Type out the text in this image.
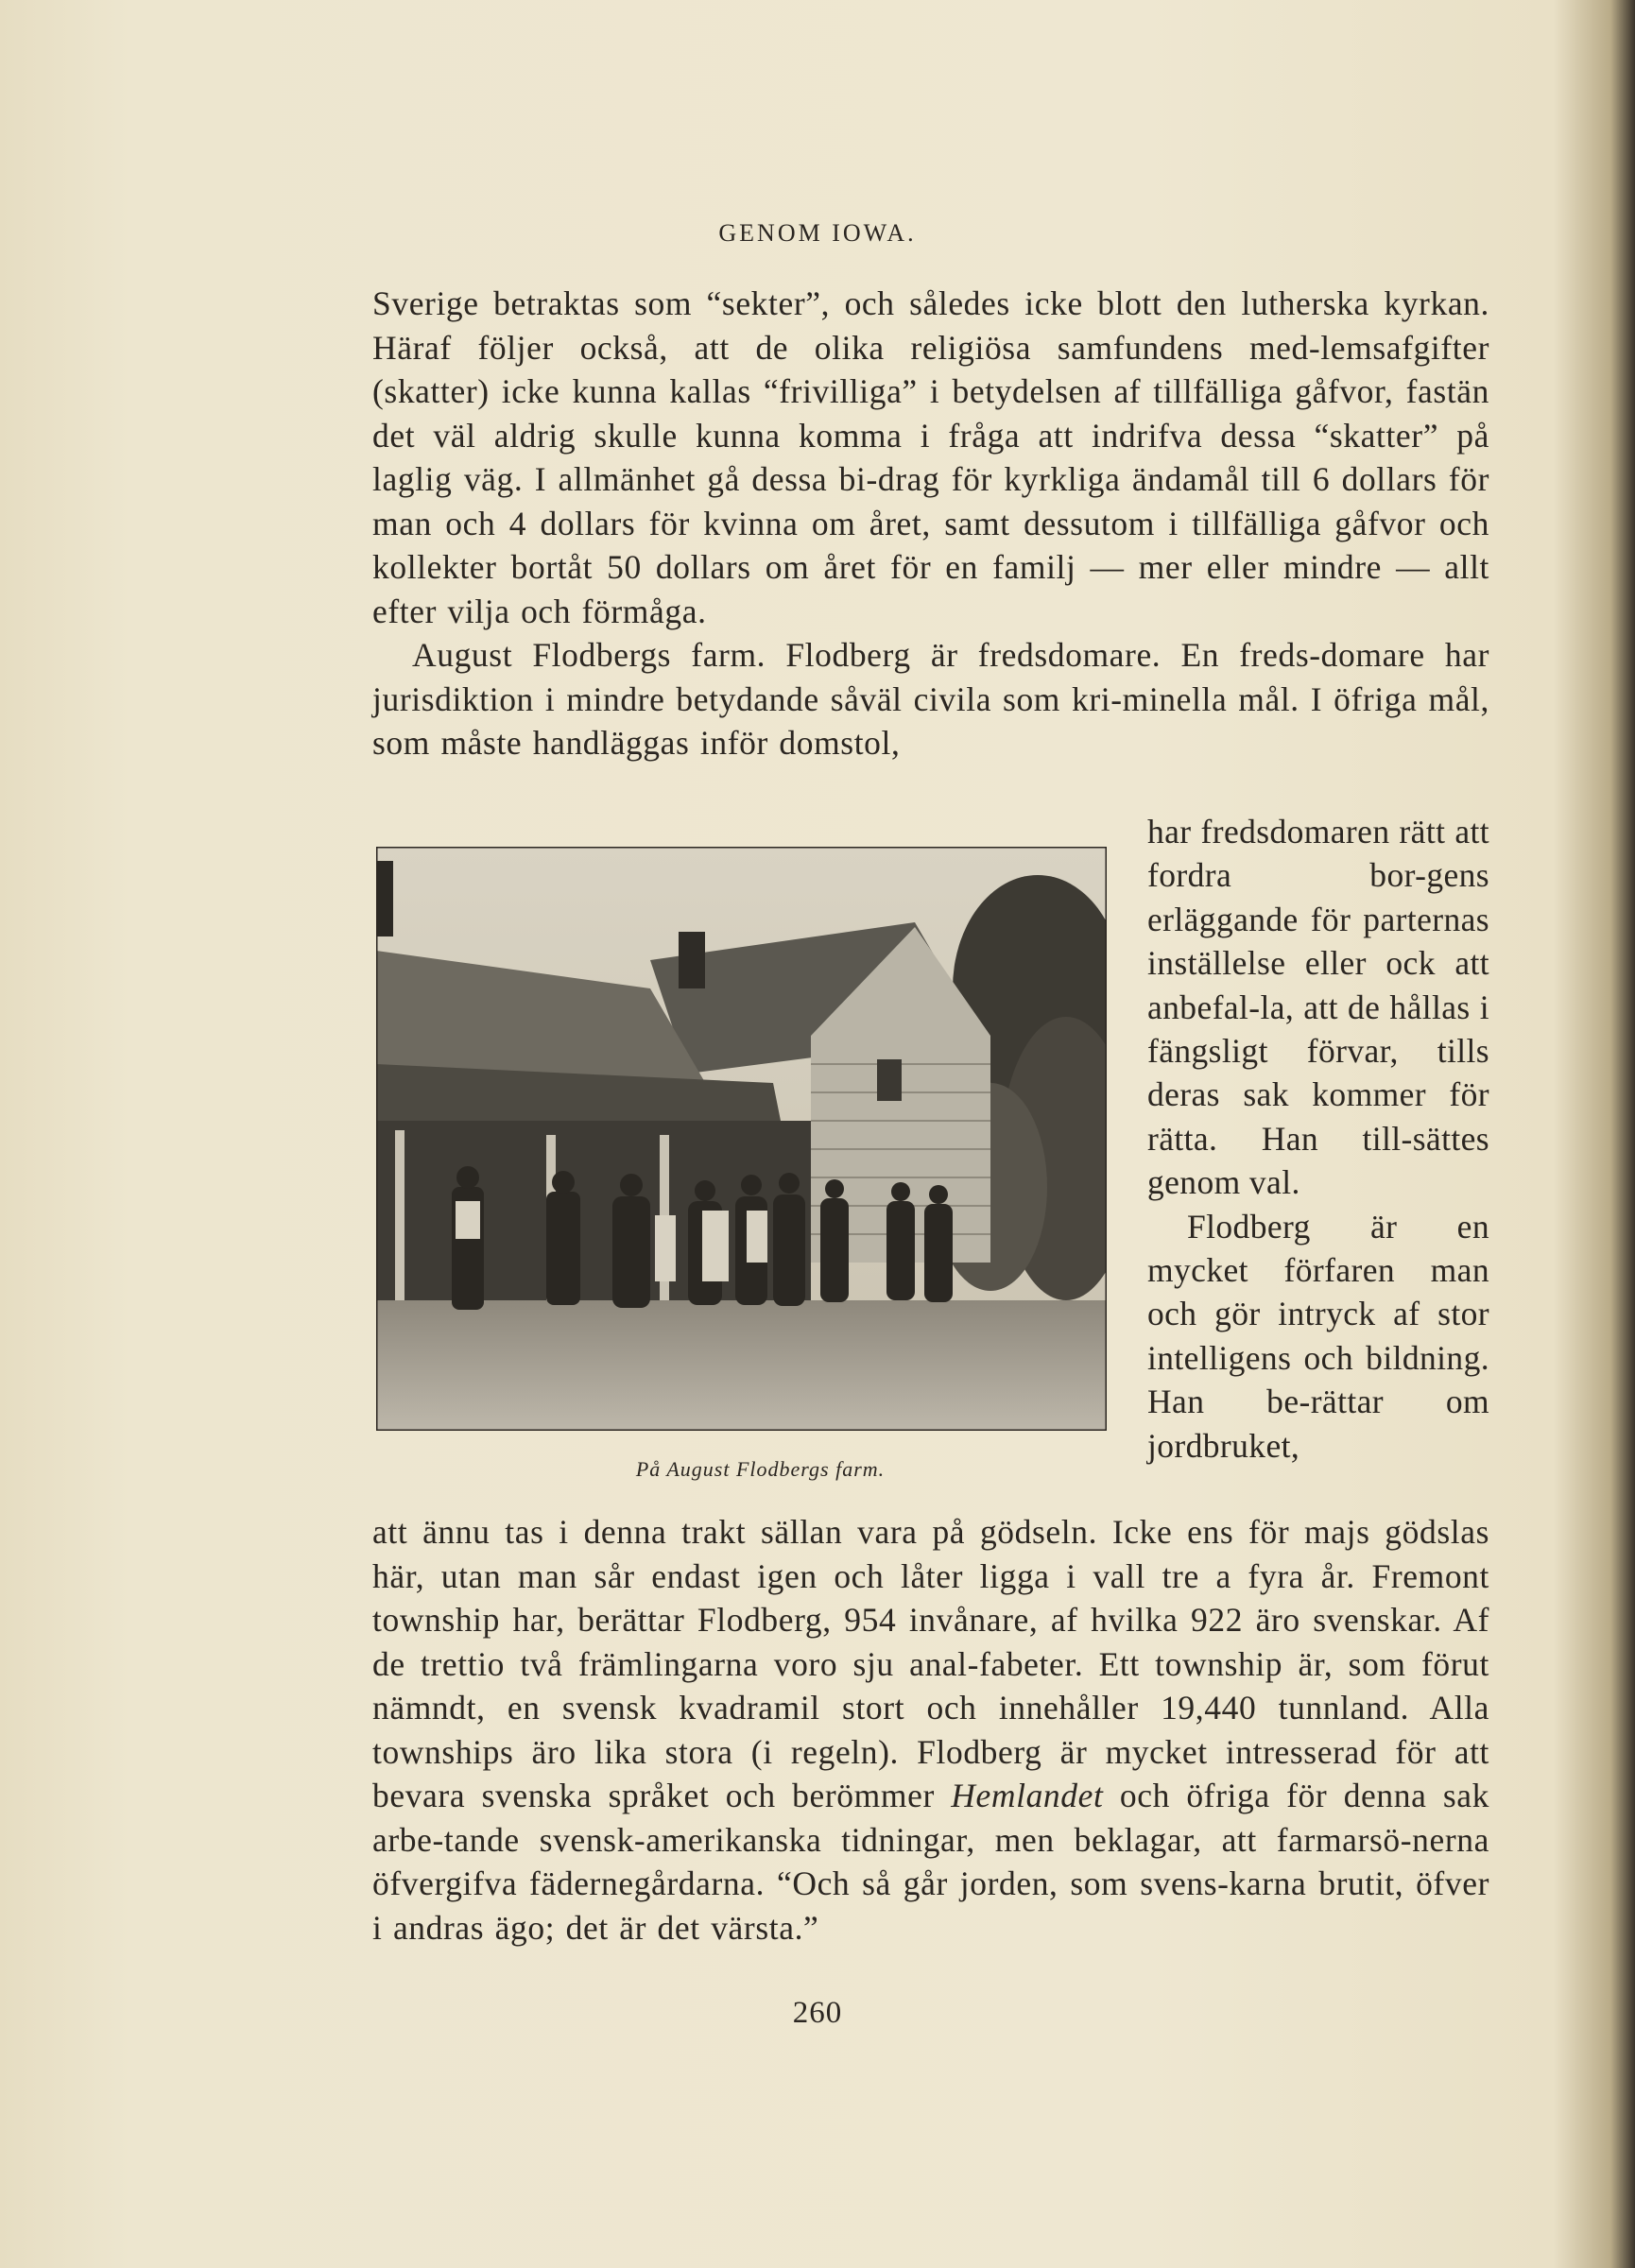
GENOM IOWA.

Sverige betraktas som “sekter”, och således icke blott den lutherska kyrkan. Häraf följer också, att de olika religiösa samfundens med-lemsafgifter (skatter) icke kunna kallas “frivilliga” i betydelsen af tillfälliga gåfvor, fastän det väl aldrig skulle kunna komma i fråga att indrifva dessa “skatter” på laglig väg. I allmänhet gå dessa bi-drag för kyrkliga ändamål till 6 dollars för man och 4 dollars för kvinna om året, samt dessutom i tillfälliga gåfvor och kollekter bortåt 50 dollars om året för en familj — mer eller mindre — allt efter vilja och förmåga.

August Flodbergs farm. Flodberg är fredsdomare. En freds-domare har jurisdiktion i mindre betydande såväl civila som kri-minella mål. I öfriga mål, som måste handläggas inför domstol,

På August Flodbergs farm.

har fredsdomaren rätt att fordra bor-gens erläggande för parternas inställelse eller ock att anbefal-la, att de hållas i fängsligt förvar, tills deras sak kommer för rätta. Han till-sättes genom val.

Flodberg är en mycket förfaren man och gör intryck af stor intelligens och bildning. Han be-rättar om jordbruket,

att ännu tas i denna trakt sällan vara på gödseln. Icke ens för majs gödslas här, utan man sår endast igen och låter ligga i vall tre a fyra år. Fremont township har, berättar Flodberg, 954 invånare, af hvilka 922 äro svenskar. Af de trettio två främlingarna voro sju anal-fabeter. Ett township är, som förut nämndt, en svensk kvadramil stort och innehåller 19,440 tunnland. Alla townships äro lika stora (i regeln). Flodberg är mycket intresserad för att bevara svenska språket och berömmer Hemlandet och öfriga för denna sak arbe-tande svensk-amerikanska tidningar, men beklagar, att farmarsö-nerna öfvergifva fädernegårdarna. “Och så går jorden, som svens-karna brutit, öfver i andras ägo; det är det värsta.”

260
